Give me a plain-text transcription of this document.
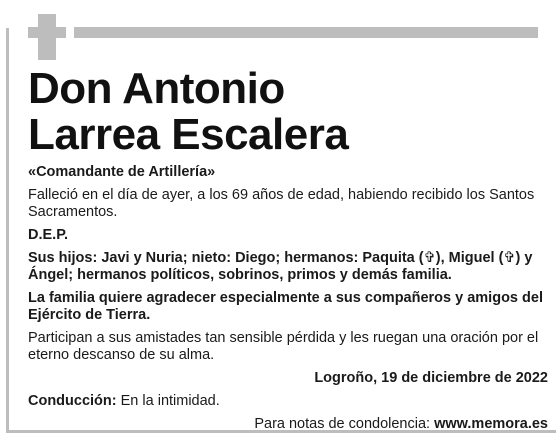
Don Antonio
Larrea Escalera

«Comandante de Artillería»

Falleció en el día de ayer, a los 69 años de edad, habiendo recibido los Santos Sacramentos.

D.E.P.

Sus hijos: Javi y Nuria; nieto: Diego; hermanos: Paquita (✞), Miguel (✞) y Ángel; hermanos políticos, sobrinos, primos y demás familia.

La familia quiere agradecer especialmente a sus compañeros y amigos del Ejército de Tierra.

Participan a sus amistades tan sensible pérdida y les ruegan una oración por el eterno descanso de su alma.

Logroño, 19 de diciembre de 2022

Conducción: En la intimidad.

Para notas de condolencia: www.memora.es
